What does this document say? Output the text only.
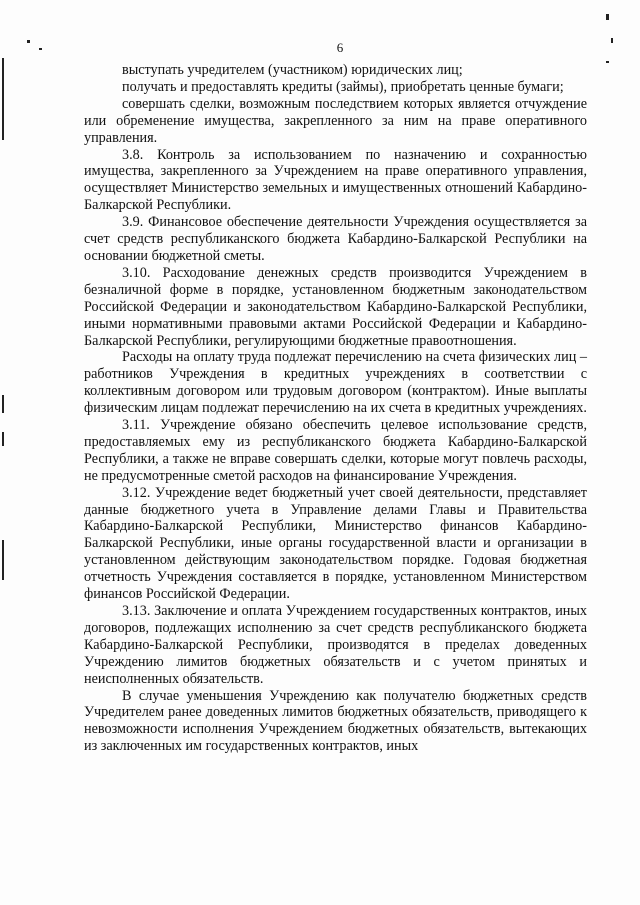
6

выступать учредителем (участником) юридических лиц;

получать и предоставлять кредиты (займы), приобретать ценные бумаги;

совершать сделки, возможным последствием которых является отчуждение или обременение имущества, закрепленного за ним на праве оперативного управления.

3.8. Контроль за использованием по назначению и сохранностью имущества, закрепленного за Учреждением на праве оперативного управления, осуществляет Министерство земельных и имущественных отношений Кабардино-Балкарской Республики.

3.9. Финансовое обеспечение деятельности Учреждения осуществляется за счет средств республиканского бюджета Кабардино-Балкарской Республики на основании бюджетной сметы.

3.10. Расходование денежных средств производится Учреждением в безналичной форме в порядке, установленном бюджетным законодательством Российской Федерации и законодательством Кабардино-Балкарской Республики, иными нормативными правовыми актами Российской Федерации и Кабардино-Балкарской Республики, регулирующими бюджетные правоотношения.

Расходы на оплату труда подлежат перечислению на счета физических лиц – работников Учреждения в кредитных учреждениях в соответствии с коллективным договором или трудовым договором (контрактом). Иные выплаты физическим лицам подлежат перечислению на их счета в кредитных учреждениях.

3.11. Учреждение обязано обеспечить целевое использование средств, предоставляемых ему из республиканского бюджета Кабардино-Балкарской Республики, а также не вправе совершать сделки, которые могут повлечь расходы, не предусмотренные сметой расходов на финансирование Учреждения.

3.12. Учреждение ведет бюджетный учет своей деятельности, представляет данные бюджетного учета в Управление делами Главы и Правительства Кабардино-Балкарской Республики, Министерство финансов Кабардино-Балкарской Республики, иные органы государственной власти и организации в установленном действующим законодательством порядке. Годовая бюджетная отчетность Учреждения составляется в порядке, установленном Министерством финансов Российской Федерации.

3.13. Заключение и оплата Учреждением государственных контрактов, иных договоров, подлежащих исполнению за счет средств республиканского бюджета Кабардино-Балкарской Республики, производятся в пределах доведенных Учреждению лимитов бюджетных обязательств и с учетом принятых и неисполненных обязательств.

В случае уменьшения Учреждению как получателю бюджетных средств Учредителем ранее доведенных лимитов бюджетных обязательств, приводящего к невозможности исполнения Учреждением бюджетных обязательств, вытекающих из заключенных им государственных контрактов, иных
